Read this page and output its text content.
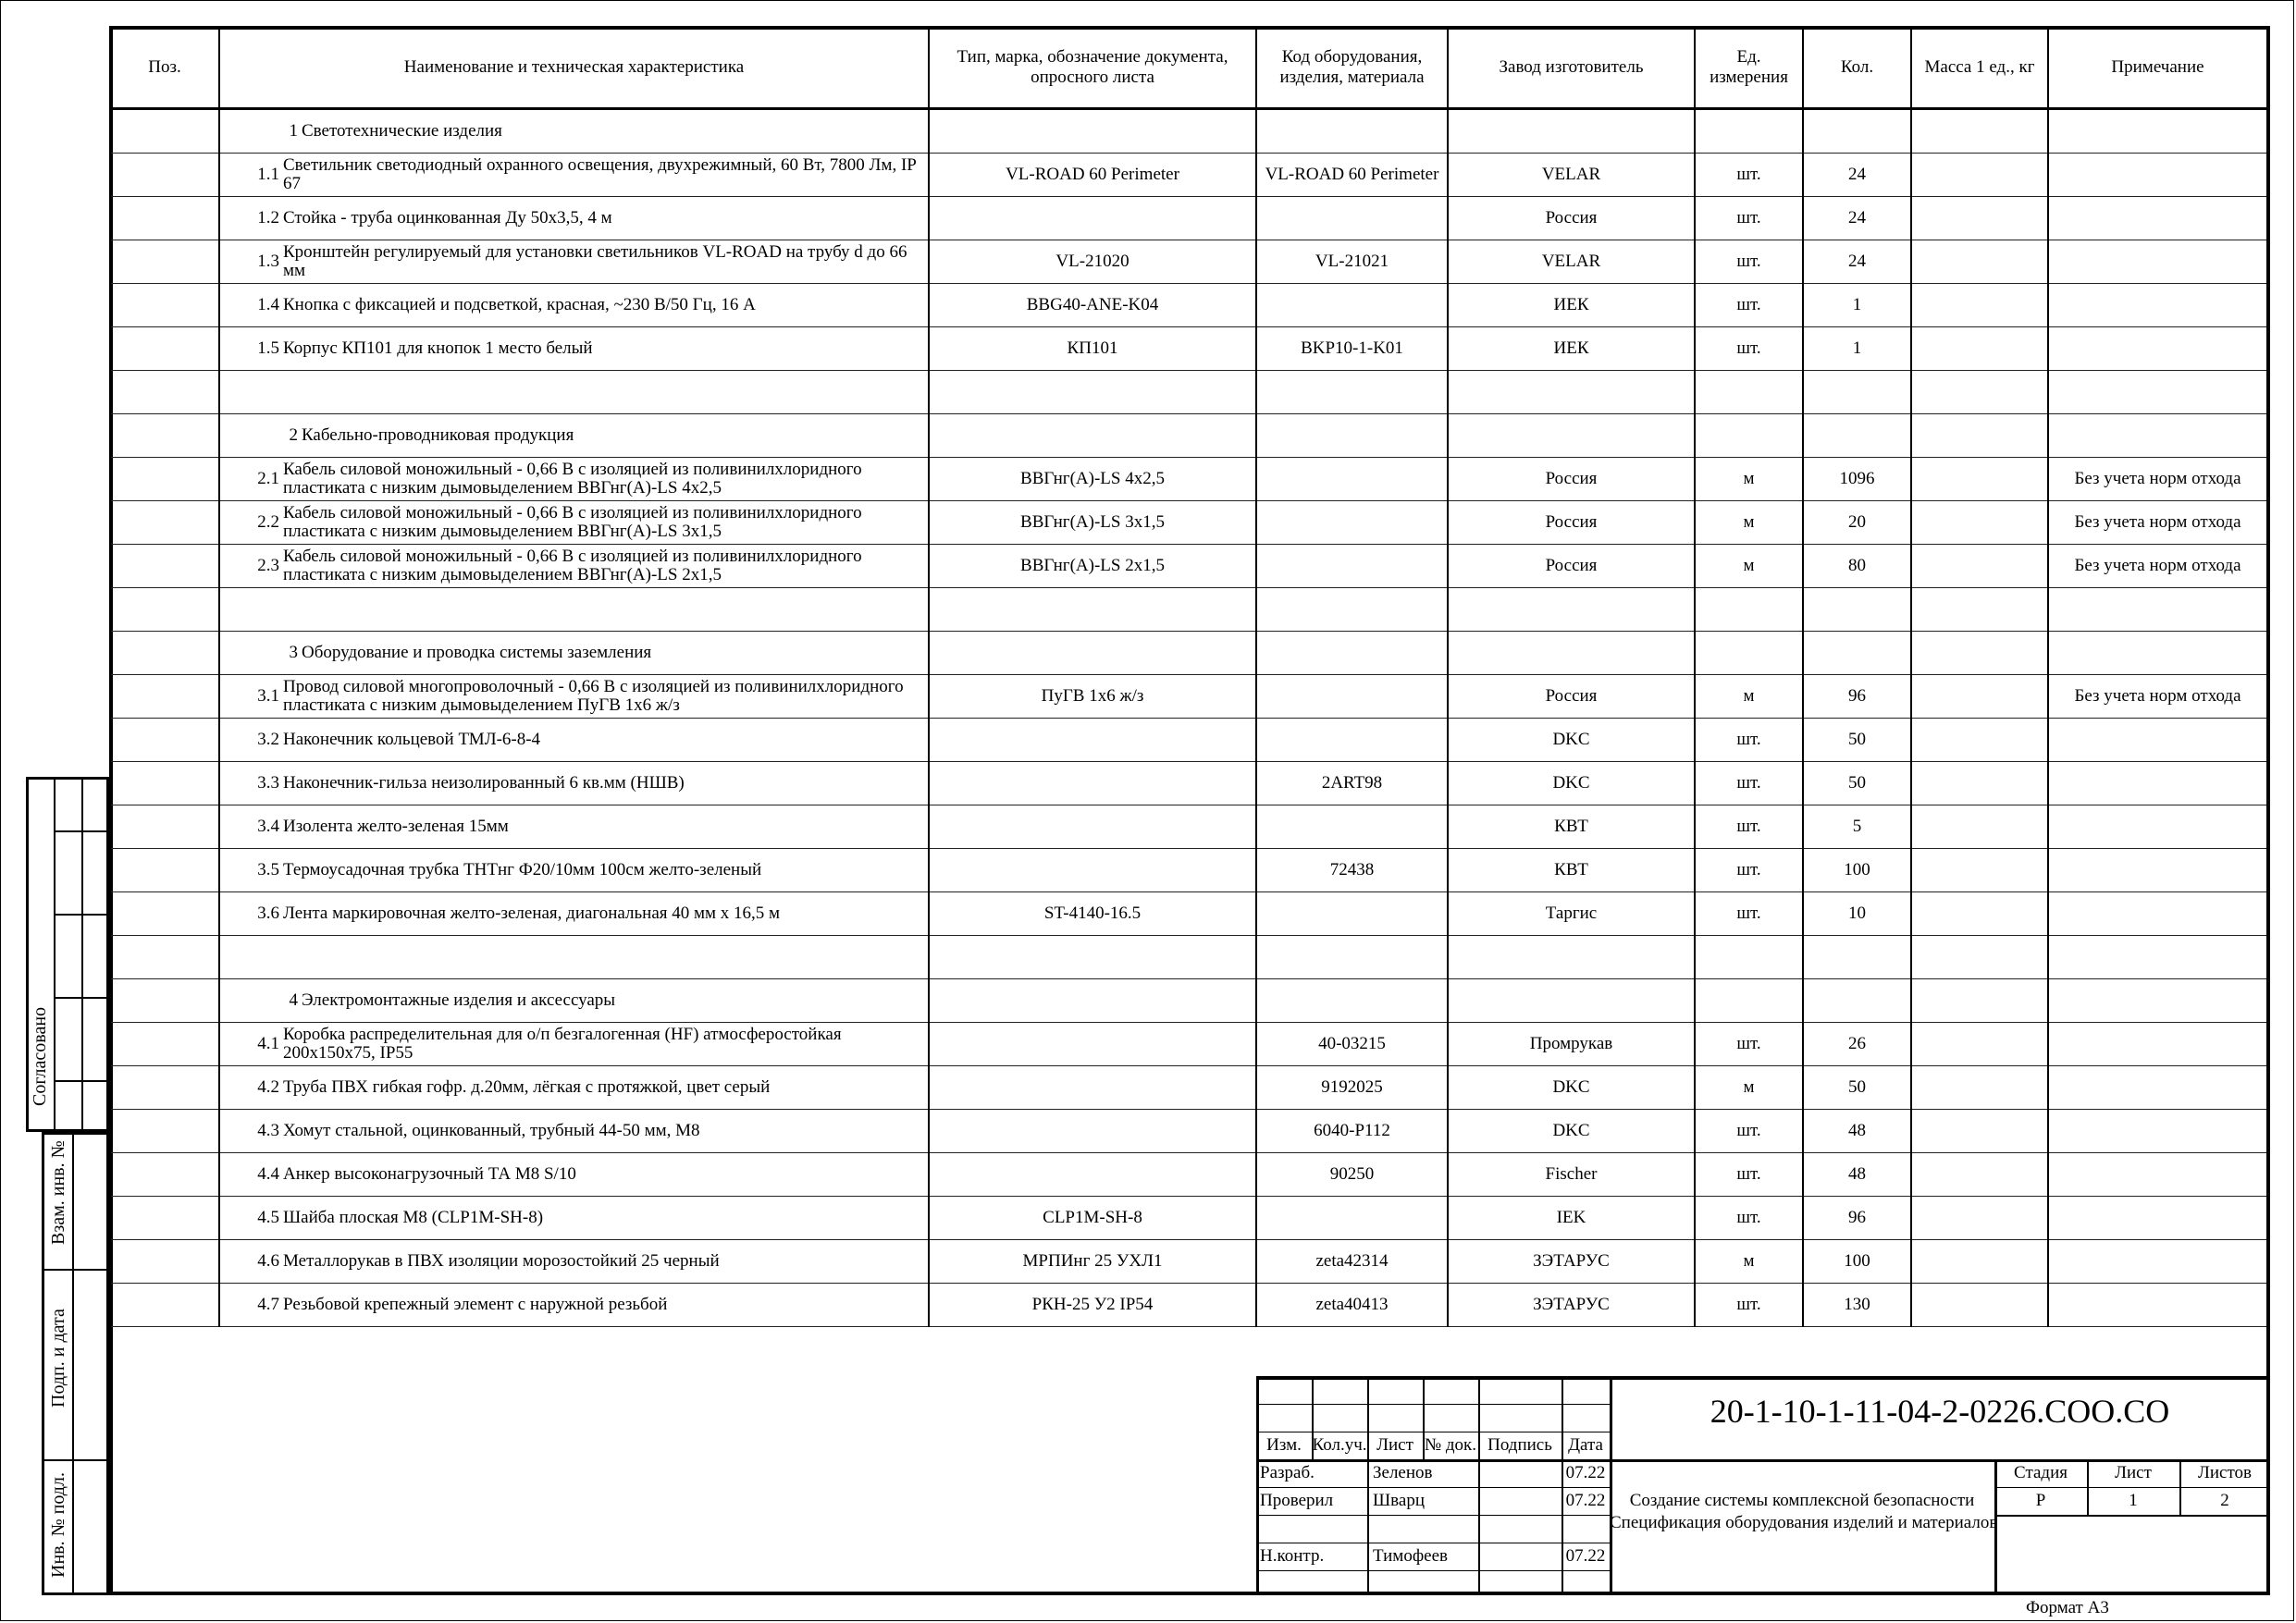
Поз.	Наименование и техническая характеристика	Тип, марка, обозначение документа, опросного листа	Код оборудования, изделия, материала	Завод изготовитель	Ед. измерения	Кол.	Масса 1 ед., кг	Примечание

	1 Светотехнические изделия							

	1.1 Светильник светодиодный охранного освещения, двухрежимный, 60 Вт, 7800 Лм, IP 67	VL-ROAD 60 Perimeter	VL-ROAD 60 Perimeter	VELAR	шт.	24		

	1.2 Стойка - труба оцинкованная Ду 50х3,5, 4 м			Россия	шт.	24		

	1.3 Кронштейн регулируемый для установки светильников VL-ROAD на трубу d до 66 мм	VL-21020	VL-21021	VELAR	шт.	24		

	1.4 Кнопка с фиксацией и подсветкой, красная, ~230 В/50 Гц, 16 А	BBG40-ANE-K04		ИЕК	шт.	1		

	1.5 Корпус КП101 для кнопок 1 место белый	КП101	BKP10-1-K01	ИЕК	шт.	1		

	2 Кабельно-проводниковая продукция							

	2.1 Кабель силовой моножильный - 0,66 В с изоляцией из поливинилхлоридного пластиката с низким дымовыделением ВВГнг(А)-LS 4х2,5	ВВГнг(А)-LS 4х2,5		Россия	м	1096		Без учета норм отхода

	2.2 Кабель силовой моножильный - 0,66 В с изоляцией из поливинилхлоридного пластиката с низким дымовыделением ВВГнг(А)-LS 3х1,5	ВВГнг(А)-LS 3х1,5		Россия	м	20		Без учета норм отхода

	2.3 Кабель силовой моножильный - 0,66 В с изоляцией из поливинилхлоридного пластиката с низким дымовыделением ВВГнг(А)-LS 2х1,5	ВВГнг(А)-LS 2х1,5		Россия	м	80		Без учета норм отхода

	3 Оборудование и проводка системы заземления							

	3.1 Провод силовой многопроволочный - 0,66 В с изоляцией из поливинилхлоридного пластиката с низким дымовыделением ПуГВ 1х6 ж/з	ПуГВ 1х6 ж/з		Россия	м	96		Без учета норм отхода

	3.2 Наконечник кольцевой ТМЛ-6-8-4			DKC	шт.	50		

	3.3 Наконечник-гильза неизолированный 6 кв.мм (НШВ)		2ART98	DKC	шт.	50		

	3.4 Изолента желто-зеленая 15мм			КВТ	шт.	5		

	3.5 Термоусадочная трубка ТНТнг Ф20/10мм 100см желто-зеленый		72438	КВТ	шт.	100		

	3.6 Лента маркировочная желто-зеленая, диагональная 40 мм х 16,5 м	ST-4140-16.5		Таргис	шт.	10		

	4 Электромонтажные изделия и аксессуары							

	4.1 Коробка распределительная для о/п безгалогенная (HF) атмосферостойкая 200х150х75, IP55		40-03215	Промрукав	шт.	26		

	4.2 Труба ПВХ гибкая гофр. д.20мм, лёгкая с протяжкой, цвет серый		9192025	DKC	м	50		

	4.3 Хомут стальной, оцинкованный, трубный 44-50 мм, М8		6040-P112	DKC	шт.	48		

	4.4 Анкер высоконагрузочный ТА М8 S/10		90250	Fischer	шт.	48		

	4.5 Шайба плоская М8 (CLP1M-SH-8)	CLP1M-SH-8		IEK	шт.	96		

	4.6 Металлорукав в ПВХ изоляции морозостойкий 25 черный	МРПИнг 25 УХЛ1	zeta42314	ЗЭТАРУС	м	100		

	4.7 Резьбовой крепежный элемент с наружной резьбой	РКН-25 У2 IP54	zeta40413	ЗЭТАРУС	шт.	130		
Согласовано
Взам. инв. №
Подп. и дата
Инв. № подл.
20-1-10-1-11-04-2-0226.СОО.СО
Изм. Кол.уч. Лист № док. Подпись Дата
Разраб.	Зеленов	07.22
Проверил Шварц	07.22
Н.контр.	Тимофеев	07.22
Создание системы комплексной безопасности
Спецификация оборудования изделий и материалов
Стадия	Лист	Листов
Р	1	2
Формат А3
